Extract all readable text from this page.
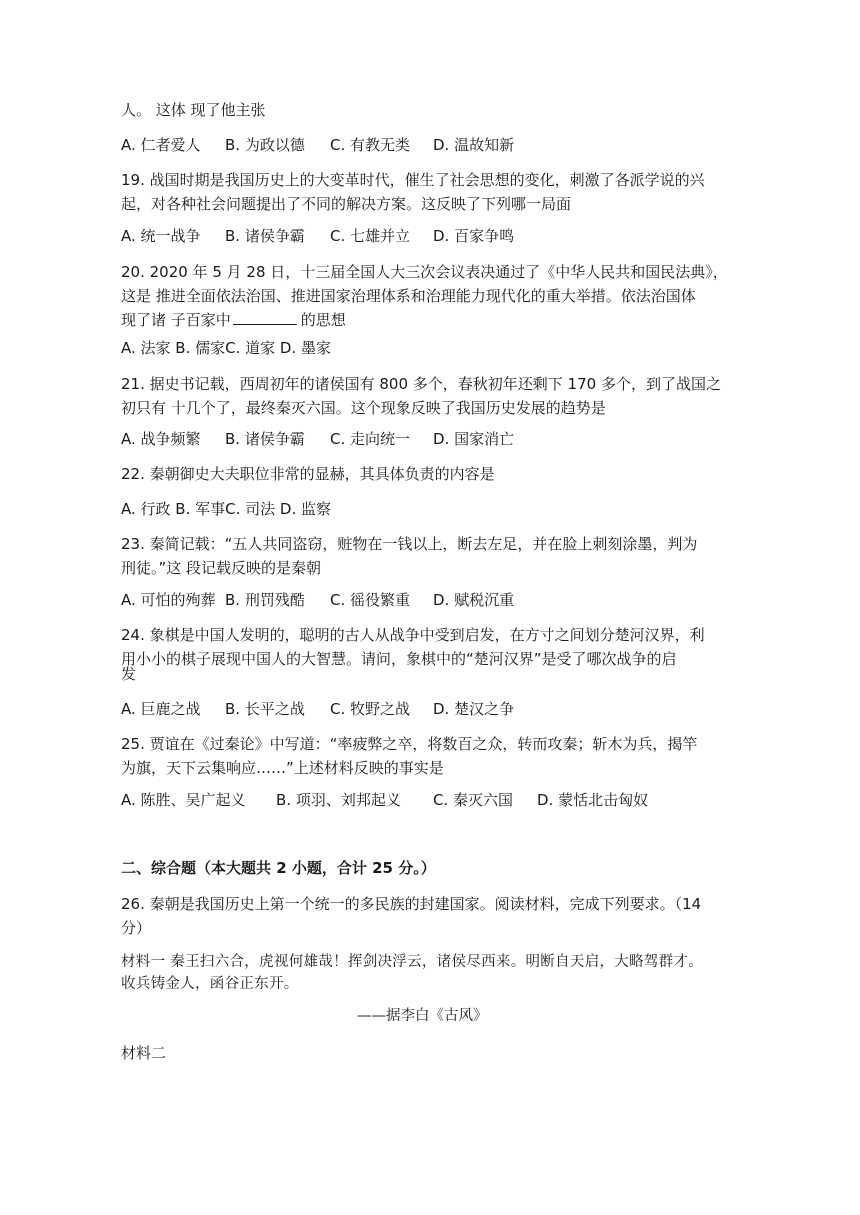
人。 这体 现了他主张
A. 仁者爱人 B. 为政以德 C. 有教无类 D. 温故知新
19. 战国时期是我国历史上的大变革时代，催生了社会思想的变化，刺激了各派学说的兴
起，对各种社会问题提出了不同的解决方案。这反映了下列哪一局面
A. 统一战争 B. 诸侯争霸 C. 七雄并立 D. 百家争鸣
20. 2020 年 5 月 28 日，十三届全国人大三次会议表决通过了《中华人民共和国民法典》，
这是 推进全面依法治国、推进国家治理体系和治理能力现代化的重大举措。依法治国体
现了诸 子百家中	的思想
A. 法家 B. 儒家C. 道家 D. 墨家
21. 据史书记载，西周初年的诸侯国有 800 多个，春秋初年还剩下 170 多个，到了战国之
初只有 十几个了，最终秦灭六国。这个现象反映了我国历史发展的趋势是
A. 战争频繁 B. 诸侯争霸 C. 走向统一 D. 国家消亡
22. 秦朝御史大夫职位非常的显赫，其具体负责的内容是
A. 行政 B. 军事C. 司法 D. 监察
23. 秦简记载：“五人共同盗窃，赃物在一钱以上，断去左足，并在脸上刺刻涂墨，判为
刑徒。”这 段记载反映的是秦朝
A. 可怕的殉葬 B. 刑罚残酷 C. 徭役繁重 D. 赋税沉重
24. 象棋是中国人发明的，聪明的古人从战争中受到启发，在方寸之间划分楚河汉界，利
用小小的棋子展现中国人的大智慧。请问，象棋中的“楚河汉界”是受了哪次战争的启
发
A. 巨鹿之战 B. 长平之战 C. 牧野之战 D. 楚汉之争
25. 贾谊在《过秦论》中写道：“率疲弊之卒，将数百之众，转而攻秦；斩木为兵，揭竿
为旗，天下云集响应……”上述材料反映的事实是
A. 陈胜、吴广起义 B. 项羽、刘邦起义 C. 秦灭六国 D. 蒙恬北击匈奴
二、综合题（本大题共 2 小题，合计 25 分。）
26. 秦朝是我国历史上第一个统一的多民族的封建国家。阅读材料，完成下列要求。（14
分）
材料一 秦王扫六合，虎视何雄哉！挥剑决浮云，诸侯尽西来。明断自天启，大略驾群才。
收兵铸金人，函谷正东开。
——据李白《古风》
材料二
